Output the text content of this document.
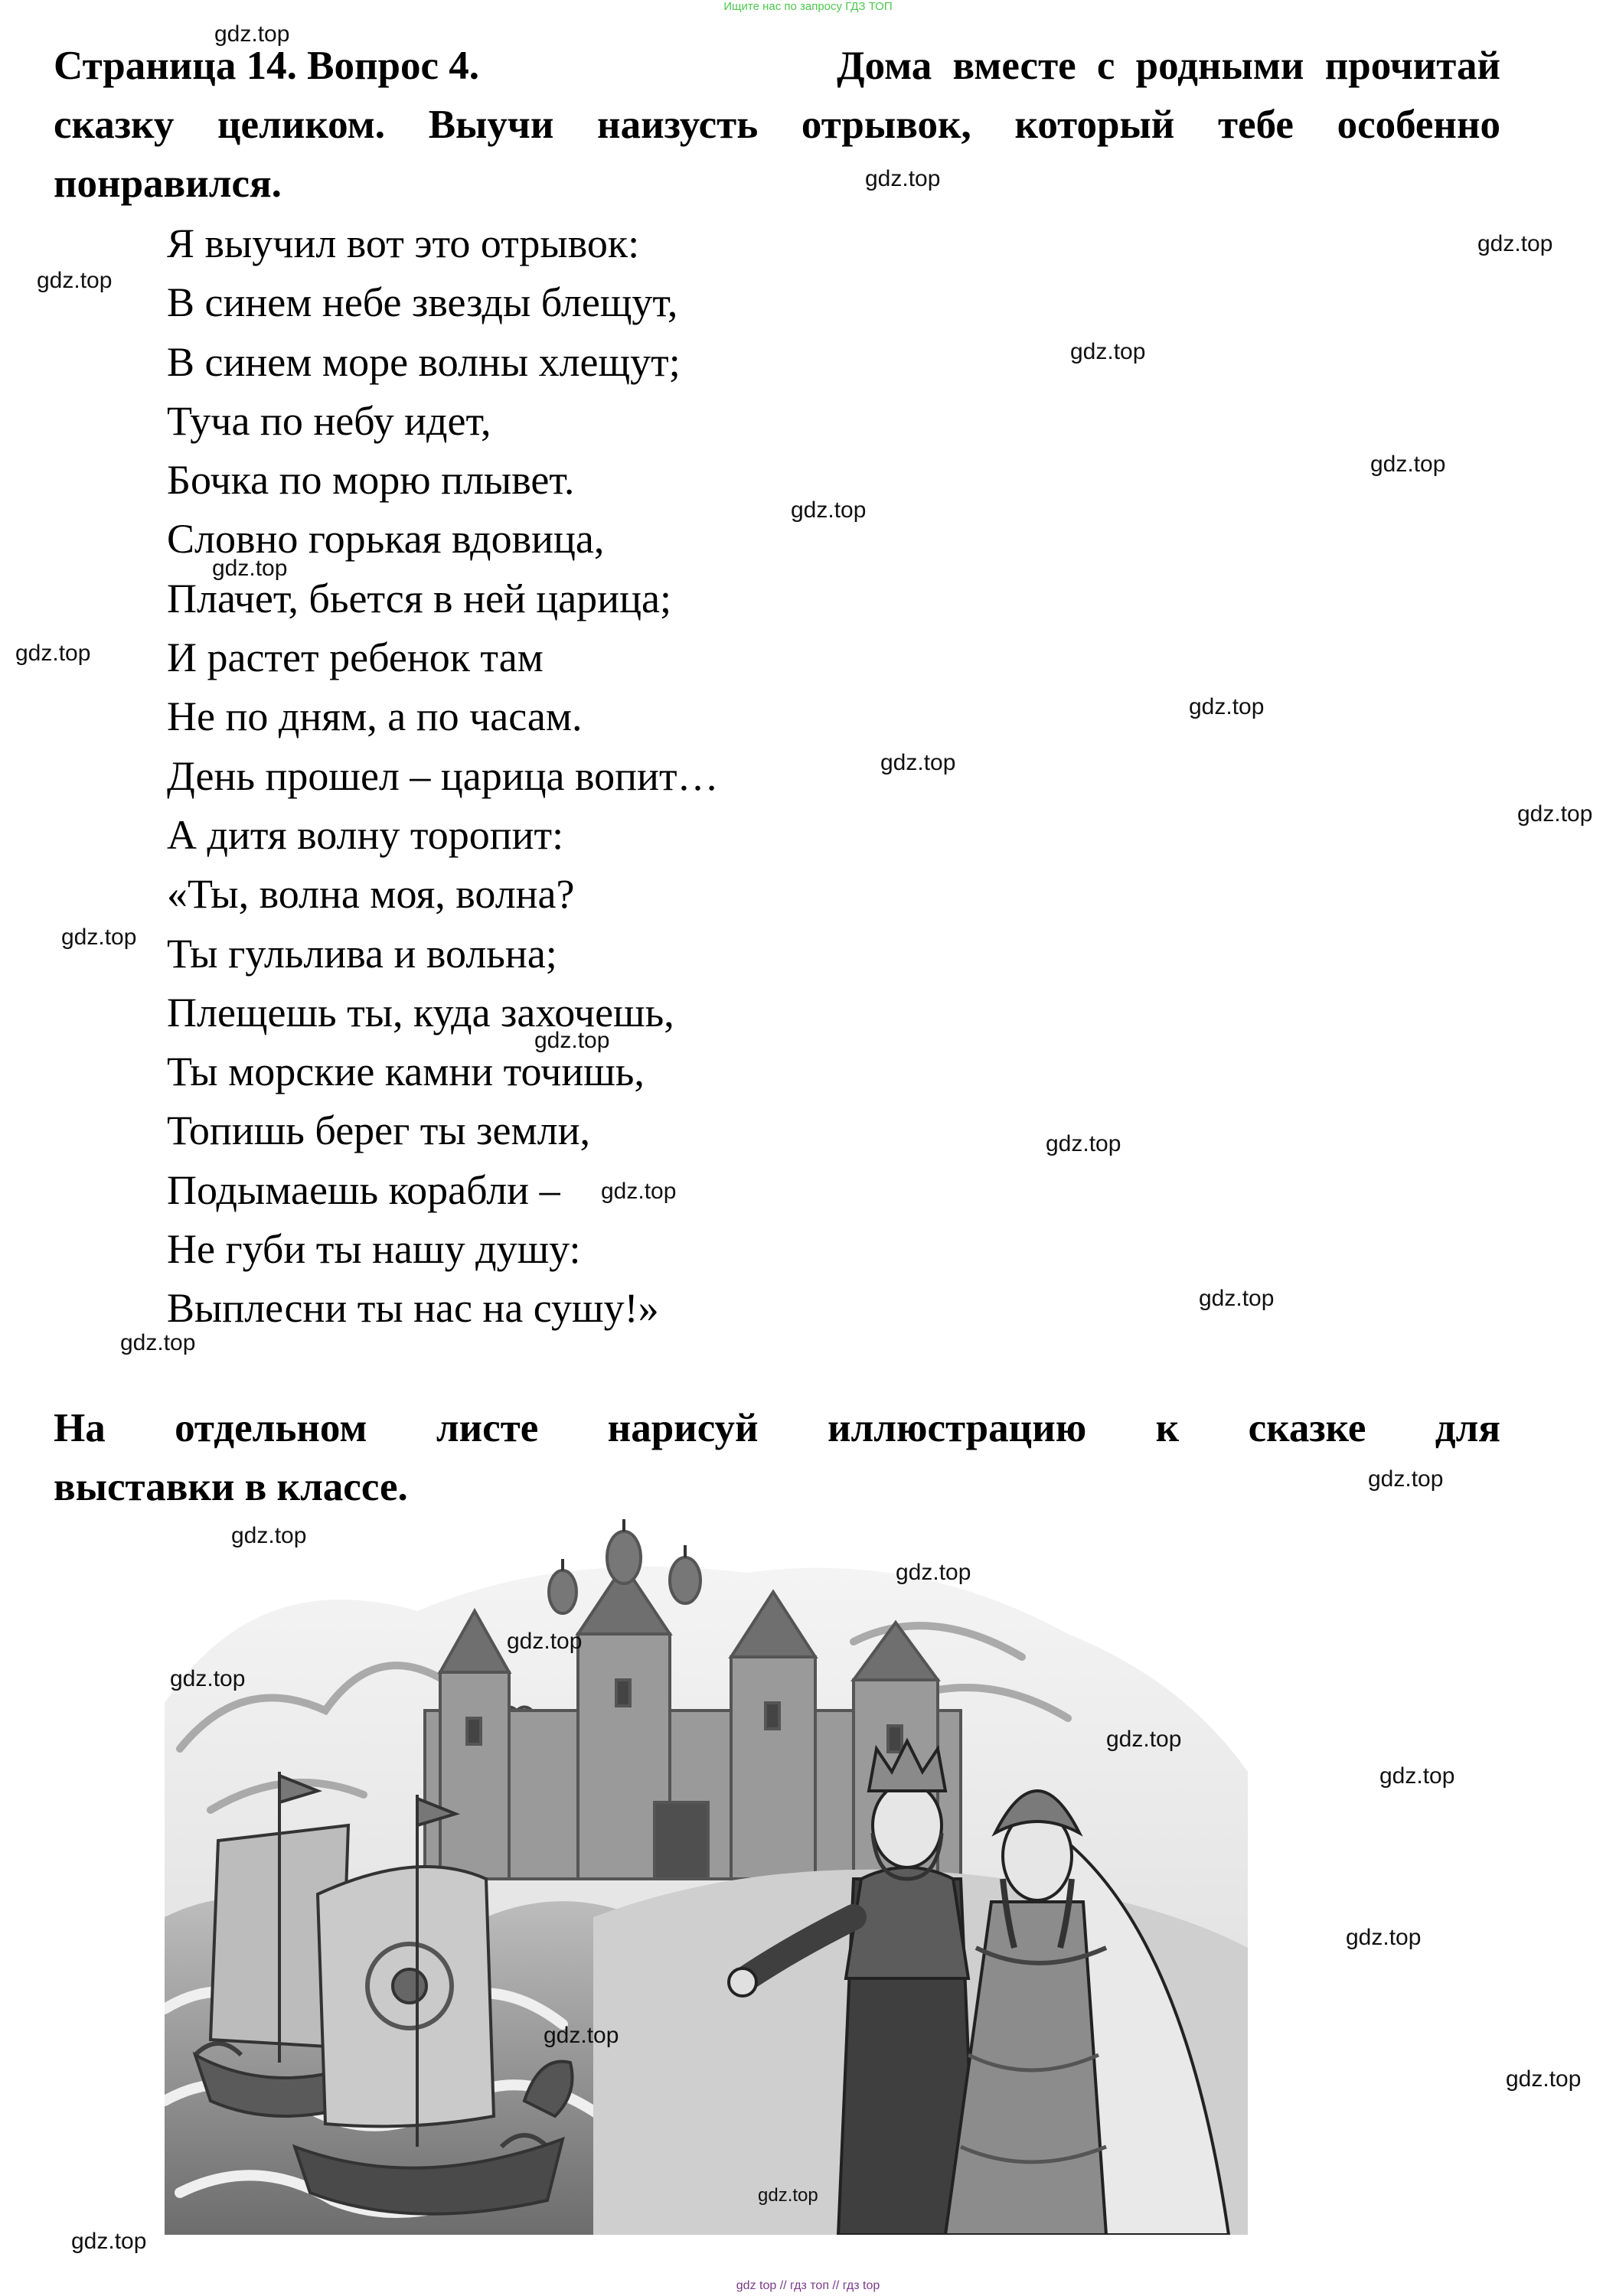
Ищите нас по запросу ГДЗ ТОП
Страница 14. Вопрос 4.	Дома вместе с родными прочитай
сказку целиком. Выучи наизусть отрывок, который тебе особенно
понравился.
Я выучил вот это отрывок:
В синем небе звезды блещут,
В синем море волны хлещут;
Туча по небу идет,
Бочка по морю плывет.
Словно горькая вдовица,
Плачет, бьется в ней царица;
И растет ребенок там
Не по дням, а по часам.
День прошел – царица вопит…
А дитя волну торопит:
«Ты, волна моя, волна?
Ты гульлива и вольна;
Плещешь ты, куда захочешь,
Ты морские камни точишь,
Топишь берег ты земли,
Подымаешь корабли –
Не губи ты нашу душу:
Выплесни ты нас на сушу!»
На отдельном листе нарисуй иллюстрацию к сказке для
выставки в классе.
gdz.top
gdz.top
gdz.top
gdz.top
gdz.top
gdz.top
gdz.top
gdz.top
gdz.top
gdz.top
gdz.top
gdz.top
gdz.top
gdz.top
gdz.top
gdz.top
gdz.top
gdz.top
gdz.top
gdz.top
gdz.top
gdz.top
gdz.top
gdz.top
gdz.top
gdz.top
gdz.top
gdz.top
gdz.top
gdz.top
gdz top // гдз топ // гдз top
